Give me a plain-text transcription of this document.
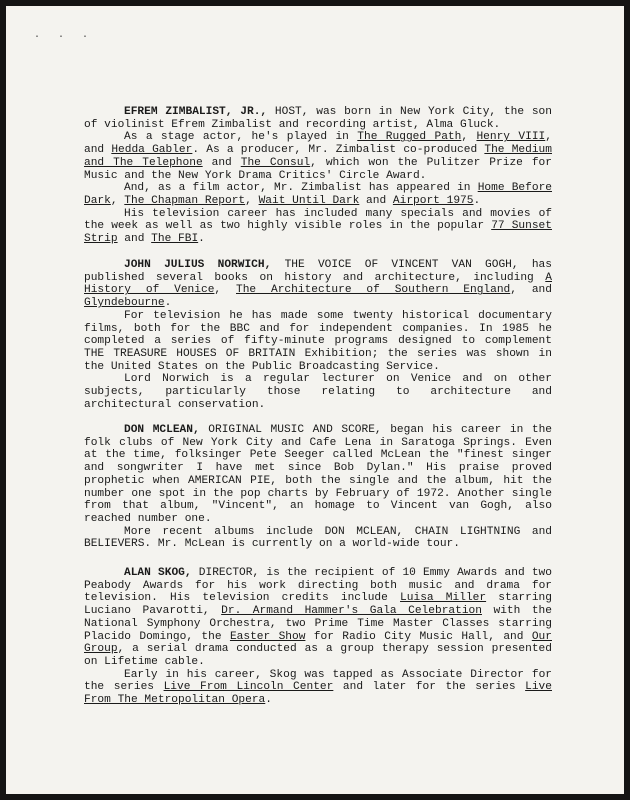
· · ·

EFREM ZIMBALIST, JR., HOST, was born in New York City, the son of violinist Efrem Zimbalist and recording artist, Alma Gluck.

As a stage actor, he's played in The Rugged Path, Henry VIII, and Hedda Gabler. As a producer, Mr. Zimbalist co-produced The Medium and The Telephone and The Consul, which won the Pulitzer Prize for Music and the New York Drama Critics' Circle Award.

And, as a film actor, Mr. Zimbalist has appeared in Home Before Dark, The Chapman Report, Wait Until Dark and Airport 1975.

His television career has included many specials and movies of the week as well as two highly visible roles in the popular 77 Sunset Strip and The FBI.

JOHN JULIUS NORWICH, THE VOICE OF VINCENT VAN GOGH, has published several books on history and architecture, including A History of Venice, The Architecture of Southern England, and Glyndebourne.

For television he has made some twenty historical documentary films, both for the BBC and for independent companies. In 1985 he completed a series of fifty-minute programs designed to complement THE TREASURE HOUSES OF BRITAIN Exhibition; the series was shown in the United States on the Public Broadcasting Service.

Lord Norwich is a regular lecturer on Venice and on other subjects, particularly those relating to architecture and architectural conservation.

DON MCLEAN, ORIGINAL MUSIC AND SCORE, began his career in the folk clubs of New York City and Cafe Lena in Saratoga Springs. Even at the time, folksinger Pete Seeger called McLean the "finest singer and songwriter I have met since Bob Dylan." His praise proved prophetic when AMERICAN PIE, both the single and the album, hit the number one spot in the pop charts by February of 1972. Another single from that album, "Vincent", an homage to Vincent van Gogh, also reached number one.

More recent albums include DON MCLEAN, CHAIN LIGHTNING and BELIEVERS. Mr. McLean is currently on a world-wide tour.

ALAN SKOG, DIRECTOR, is the recipient of 10 Emmy Awards and two Peabody Awards for his work directing both music and drama for television. His television credits include Luisa Miller starring Luciano Pavarotti, Dr. Armand Hammer's Gala Celebration with the National Symphony Orchestra, two Prime Time Master Classes starring Placido Domingo, the Easter Show for Radio City Music Hall, and Our Group, a serial drama conducted as a group therapy session presented on Lifetime cable.

Early in his career, Skog was tapped as Associate Director for the series Live From Lincoln Center and later for the series Live From The Metropolitan Opera.
